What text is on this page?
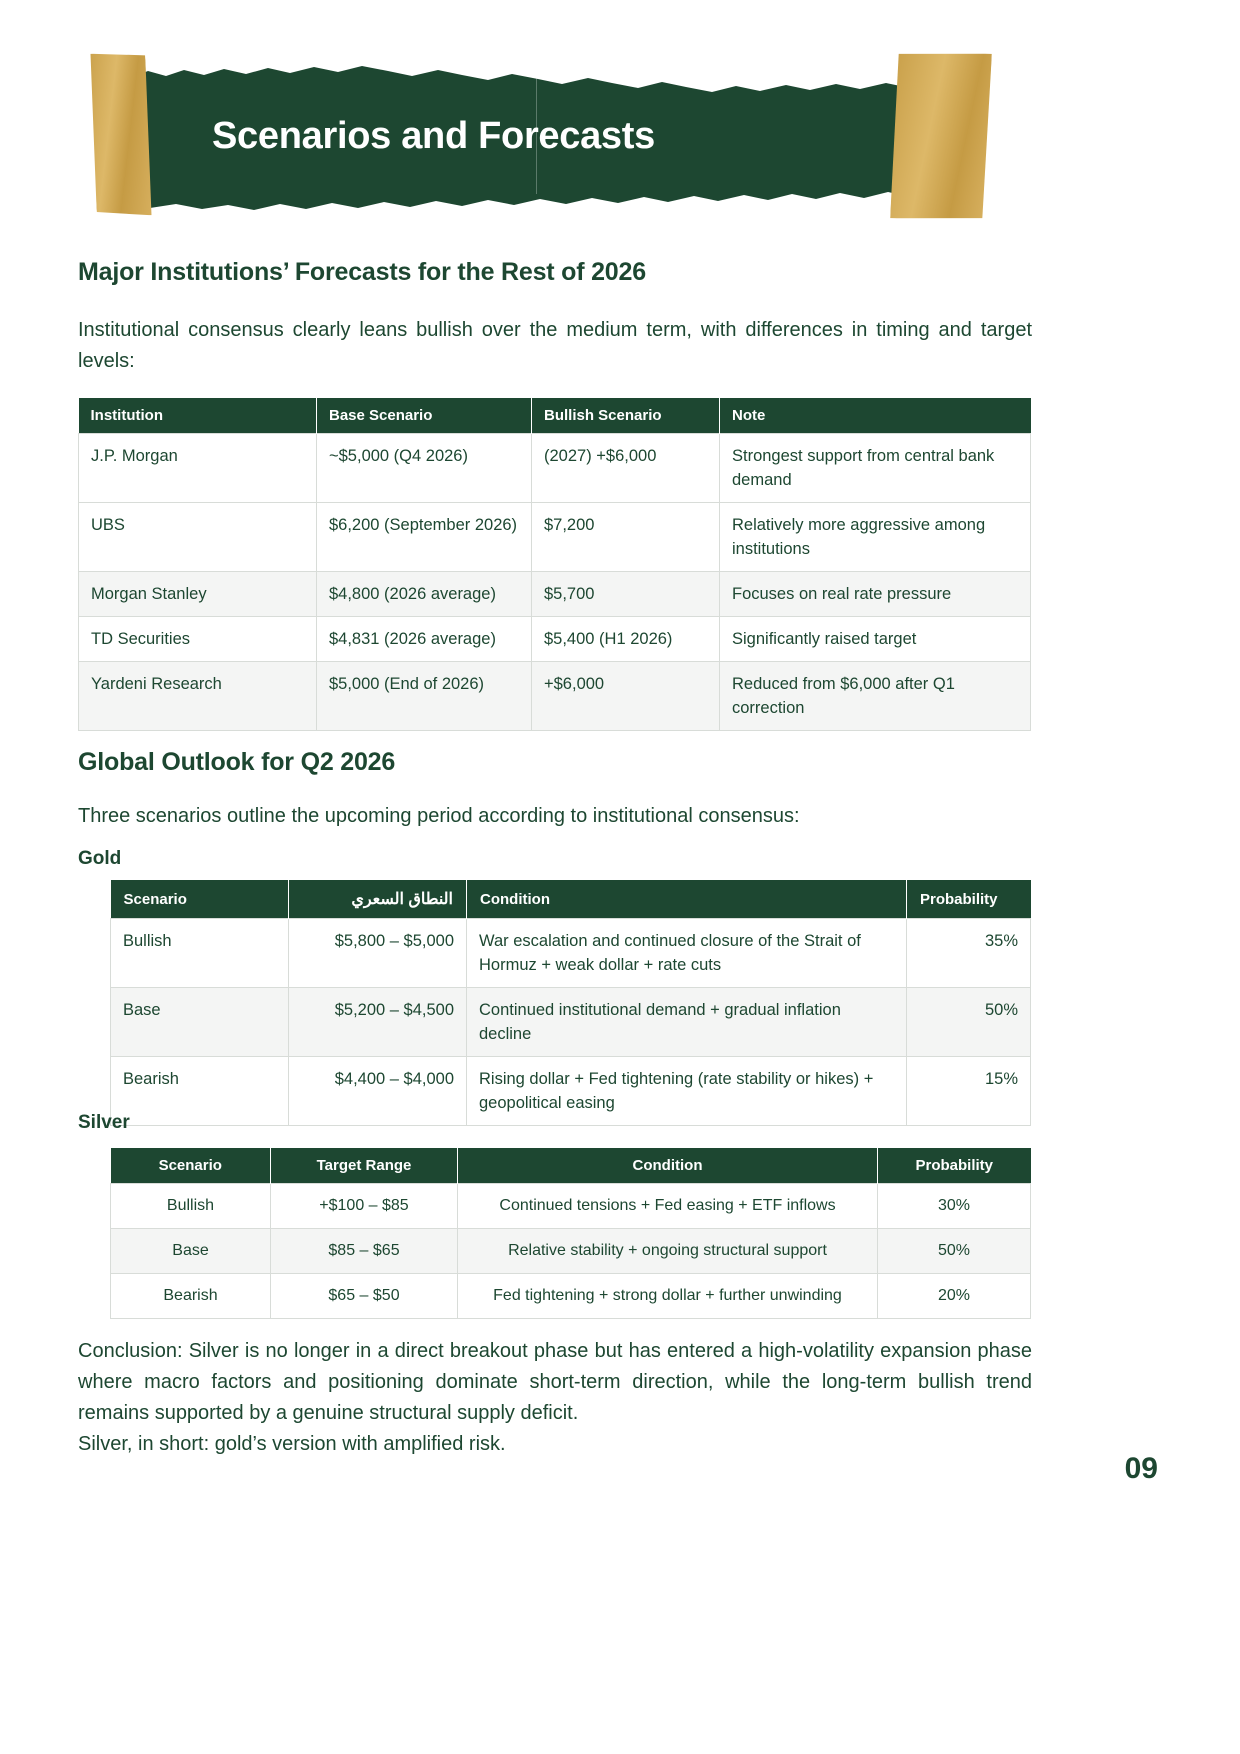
Scenarios and Forecasts
Major Institutions’ Forecasts for the Rest of 2026

Institutional consensus clearly leans bullish over the medium term, with differences in timing and target levels:

Institution	Base Scenario	Bullish Scenario	Note
J.P. Morgan	~$5,000 (Q4 2026)	(2027) +$6,000	Strongest support from central bank demand
UBS	$6,200 (September 2026)	$7,200	Relatively more aggressive among institutions
Morgan Stanley	$4,800 (2026 average)	$5,700	Focuses on real rate pressure
TD Securities	$4,831 (2026 average)	$5,400 (H1 2026)	Significantly raised target
Yardeni Research	$5,000 (End of 2026)	+$6,000	Reduced from $6,000 after Q1 correction
Global Outlook for Q2 2026

Three scenarios outline the upcoming period according to institutional consensus:

Gold
Scenario	النطاق السعري	Condition	Probability
Bullish	$5,800 – $5,000	War escalation and continued closure of the Strait of Hormuz + weak dollar + rate cuts	35%
Base	$5,200 – $4,500	Continued institutional demand + gradual inflation decline	50%
Bearish	$4,400 – $4,000	Rising dollar + Fed tightening (rate stability or hikes) + geopolitical easing	15%
Silver
Scenario	Target Range	Condition	Probability
Bullish	+$100 – $85	Continued tensions + Fed easing + ETF inflows	30%
Base	$85 – $65	Relative stability + ongoing structural support	50%
Bearish	$65 – $50	Fed tightening + strong dollar + further unwinding	20%

Conclusion: Silver is no longer in a direct breakout phase but has entered a high-volatility expansion phase where macro factors and positioning dominate short-term direction, while the long-term bullish trend remains supported by a genuine structural supply deficit.

Silver, in short: gold’s version with amplified risk.

09
